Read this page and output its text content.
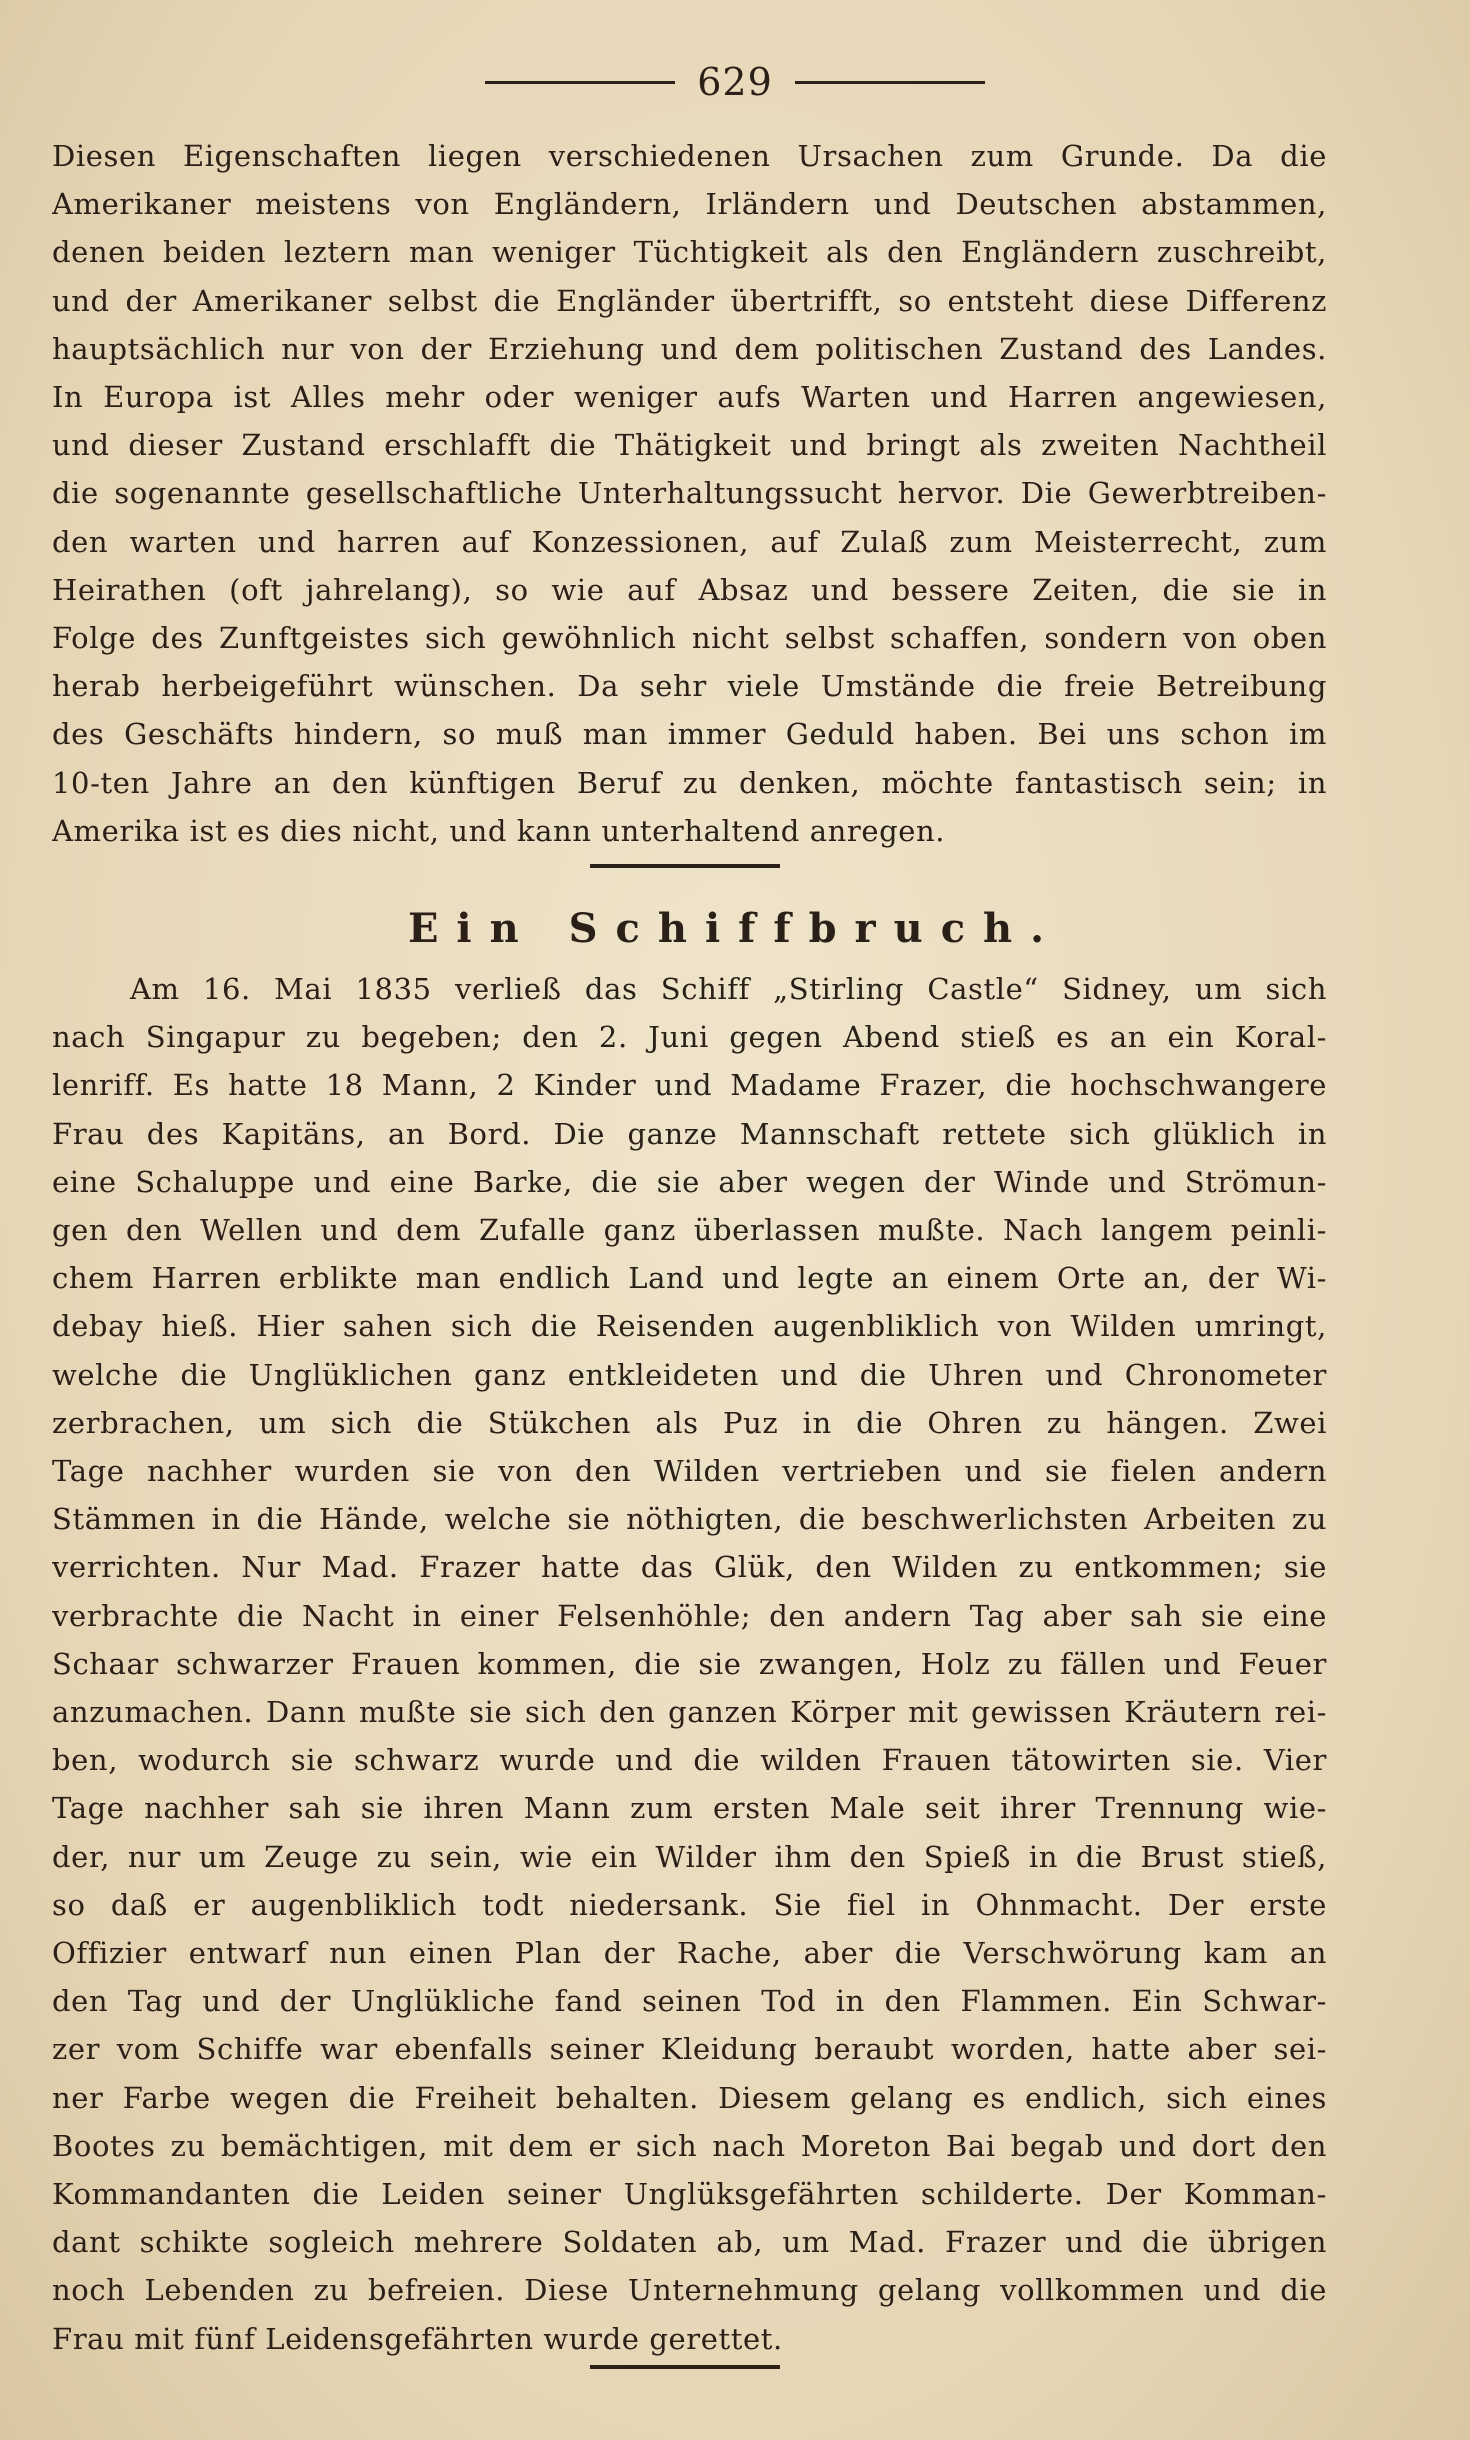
629
Diesen Eigenschaften liegen verschiedenen Ursachen zum Grunde. Da die
Amerikaner meistens von Engländern, Irländern und Deutschen abstammen,
denen beiden leztern man weniger Tüchtigkeit als den Engländern zuschreibt,
und der Amerikaner selbst die Engländer übertrifft, so entsteht diese Differenz
hauptsächlich nur von der Erziehung und dem politischen Zustand des Landes.
In Europa ist Alles mehr oder weniger aufs Warten und Harren angewiesen,
und dieser Zustand erschlafft die Thätigkeit und bringt als zweiten Nachtheil
die sogenannte gesellschaftliche Unterhaltungssucht hervor. Die Gewerbtreiben-
den warten und harren auf Konzessionen, auf Zulaß zum Meisterrecht, zum
Heirathen (oft jahrelang), so wie auf Absaz und bessere Zeiten, die sie in
Folge des Zunftgeistes sich gewöhnlich nicht selbst schaffen, sondern von oben
herab herbeigeführt wünschen. Da sehr viele Umstände die freie Betreibung
des Geschäfts hindern, so muß man immer Geduld haben. Bei uns schon im
10-ten Jahre an den künftigen Beruf zu denken, möchte fantastisch sein; in
Amerika ist es dies nicht, und kann unterhaltend anregen.
Ein Schiffbruch.
Am 16. Mai 1835 verließ das Schiff „Stirling Castle“ Sidney, um sich
nach Singapur zu begeben; den 2. Juni gegen Abend stieß es an ein Koral-
lenriff. Es hatte 18 Mann, 2 Kinder und Madame Frazer, die hochschwangere
Frau des Kapitäns, an Bord. Die ganze Mannschaft rettete sich glüklich in
eine Schaluppe und eine Barke, die sie aber wegen der Winde und Strömun-
gen den Wellen und dem Zufalle ganz überlassen mußte. Nach langem peinli-
chem Harren erblikte man endlich Land und legte an einem Orte an, der Wi-
debay hieß. Hier sahen sich die Reisenden augenbliklich von Wilden umringt,
welche die Unglüklichen ganz entkleideten und die Uhren und Chronometer
zerbrachen, um sich die Stükchen als Puz in die Ohren zu hängen. Zwei
Tage nachher wurden sie von den Wilden vertrieben und sie fielen andern
Stämmen in die Hände, welche sie nöthigten, die beschwerlichsten Arbeiten zu
verrichten. Nur Mad. Frazer hatte das Glük, den Wilden zu entkommen; sie
verbrachte die Nacht in einer Felsenhöhle; den andern Tag aber sah sie eine
Schaar schwarzer Frauen kommen, die sie zwangen, Holz zu fällen und Feuer
anzumachen. Dann mußte sie sich den ganzen Körper mit gewissen Kräutern rei-
ben, wodurch sie schwarz wurde und die wilden Frauen tätowirten sie. Vier
Tage nachher sah sie ihren Mann zum ersten Male seit ihrer Trennung wie-
der, nur um Zeuge zu sein, wie ein Wilder ihm den Spieß in die Brust stieß,
so daß er augenbliklich todt niedersank. Sie fiel in Ohnmacht. Der erste
Offizier entwarf nun einen Plan der Rache, aber die Verschwörung kam an
den Tag und der Unglükliche fand seinen Tod in den Flammen. Ein Schwar-
zer vom Schiffe war ebenfalls seiner Kleidung beraubt worden, hatte aber sei-
ner Farbe wegen die Freiheit behalten. Diesem gelang es endlich, sich eines
Bootes zu bemächtigen, mit dem er sich nach Moreton Bai begab und dort den
Kommandanten die Leiden seiner Unglüksgefährten schilderte. Der Komman-
dant schikte sogleich mehrere Soldaten ab, um Mad. Frazer und die übrigen
noch Lebenden zu befreien. Diese Unternehmung gelang vollkommen und die
Frau mit fünf Leidensgefährten wurde gerettet.
